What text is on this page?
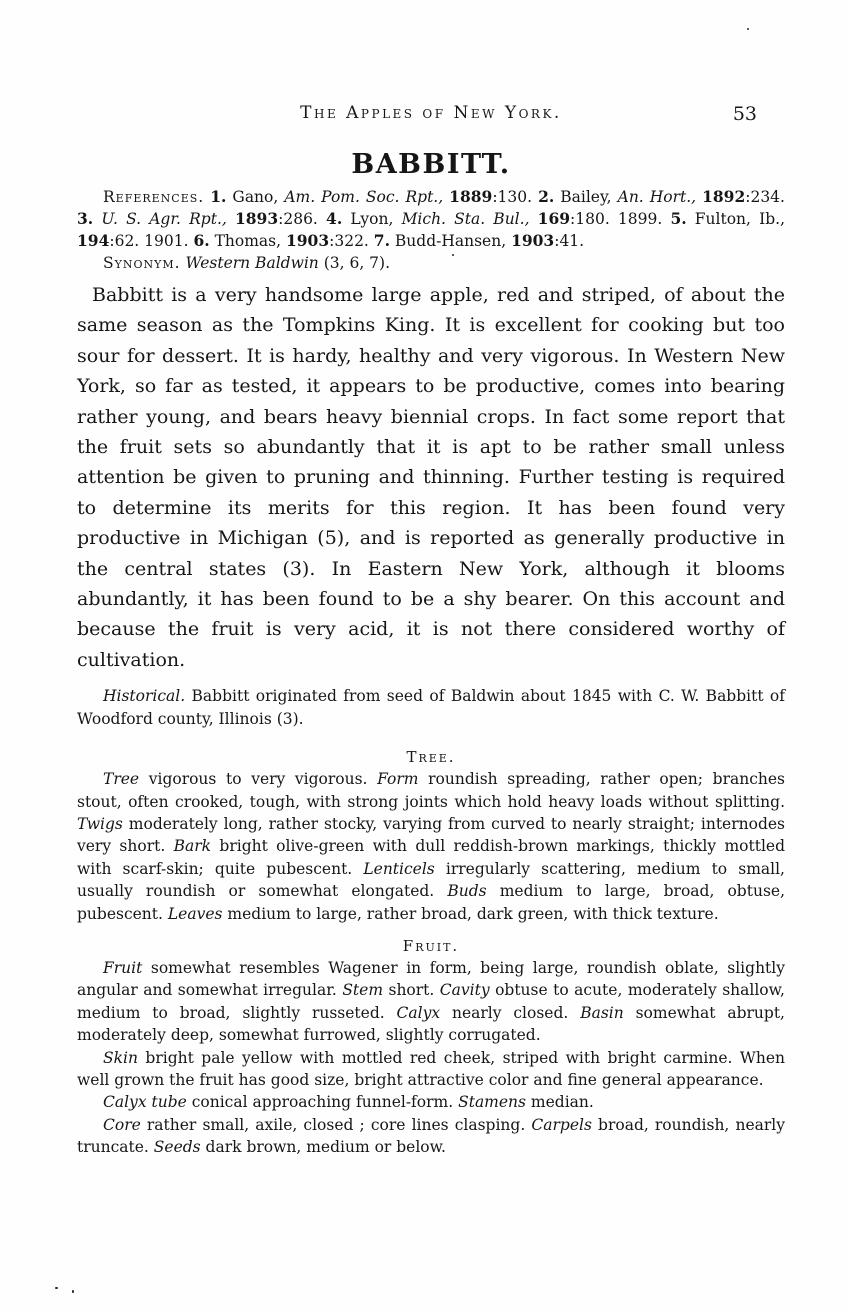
The Apples of New York.	53
BABBITT.

References. 1. Gano, Am. Pom. Soc. Rpt., 1889:130. 2. Bailey, An. Hort., 1892:234. 3. U. S. Agr. Rpt., 1893:286. 4. Lyon, Mich. Sta. Bul., 169:180. 1899. 5. Fulton, Ib., 194:62. 1901. 6. Thomas, 1903:322. 7. Budd-Hansen, 1903:41.

Synonym. Western Baldwin (3, 6, 7).

Babbitt is a very handsome large apple, red and striped, of about the same season as the Tompkins King. It is excellent for cooking but too sour for dessert. It is hardy, healthy and very vigorous. In Western New York, so far as tested, it appears to be productive, comes into bearing rather young, and bears heavy biennial crops. In fact some report that the fruit sets so abundantly that it is apt to be rather small unless attention be given to pruning and thinning. Further testing is required to determine its merits for this region. It has been found very productive in Michigan (5), and is reported as generally productive in the central states (3). In Eastern New York, although it blooms abundantly, it has been found to be a shy bearer. On this account and because the fruit is very acid, it is not there considered worthy of cultivation.

Historical. Babbitt originated from seed of Baldwin about 1845 with C. W. Babbitt of Woodford county, Illinois (3).

Tree.

Tree vigorous to very vigorous. Form roundish spreading, rather open; branches stout, often crooked, tough, with strong joints which hold heavy loads without splitting. Twigs moderately long, rather stocky, varying from curved to nearly straight; internodes very short. Bark bright olive-green with dull reddish-brown markings, thickly mottled with scarf-skin; quite pubescent. Lenticels irregularly scattering, medium to small, usually roundish or somewhat elongated. Buds medium to large, broad, obtuse, pubescent. Leaves medium to large, rather broad, dark green, with thick texture.

Fruit.

Fruit somewhat resembles Wagener in form, being large, roundish oblate, slightly angular and somewhat irregular. Stem short. Cavity obtuse to acute, moderately shallow, medium to broad, slightly russeted. Calyx nearly closed. Basin somewhat abrupt, moderately deep, somewhat furrowed, slightly corrugated.

Skin bright pale yellow with mottled red cheek, striped with bright carmine. When well grown the fruit has good size, bright attractive color and fine general appearance.

Calyx tube conical approaching funnel-form. Stamens median.

Core rather small, axile, closed ; core lines clasping. Carpels broad, roundish, nearly truncate. Seeds dark brown, medium or below.
